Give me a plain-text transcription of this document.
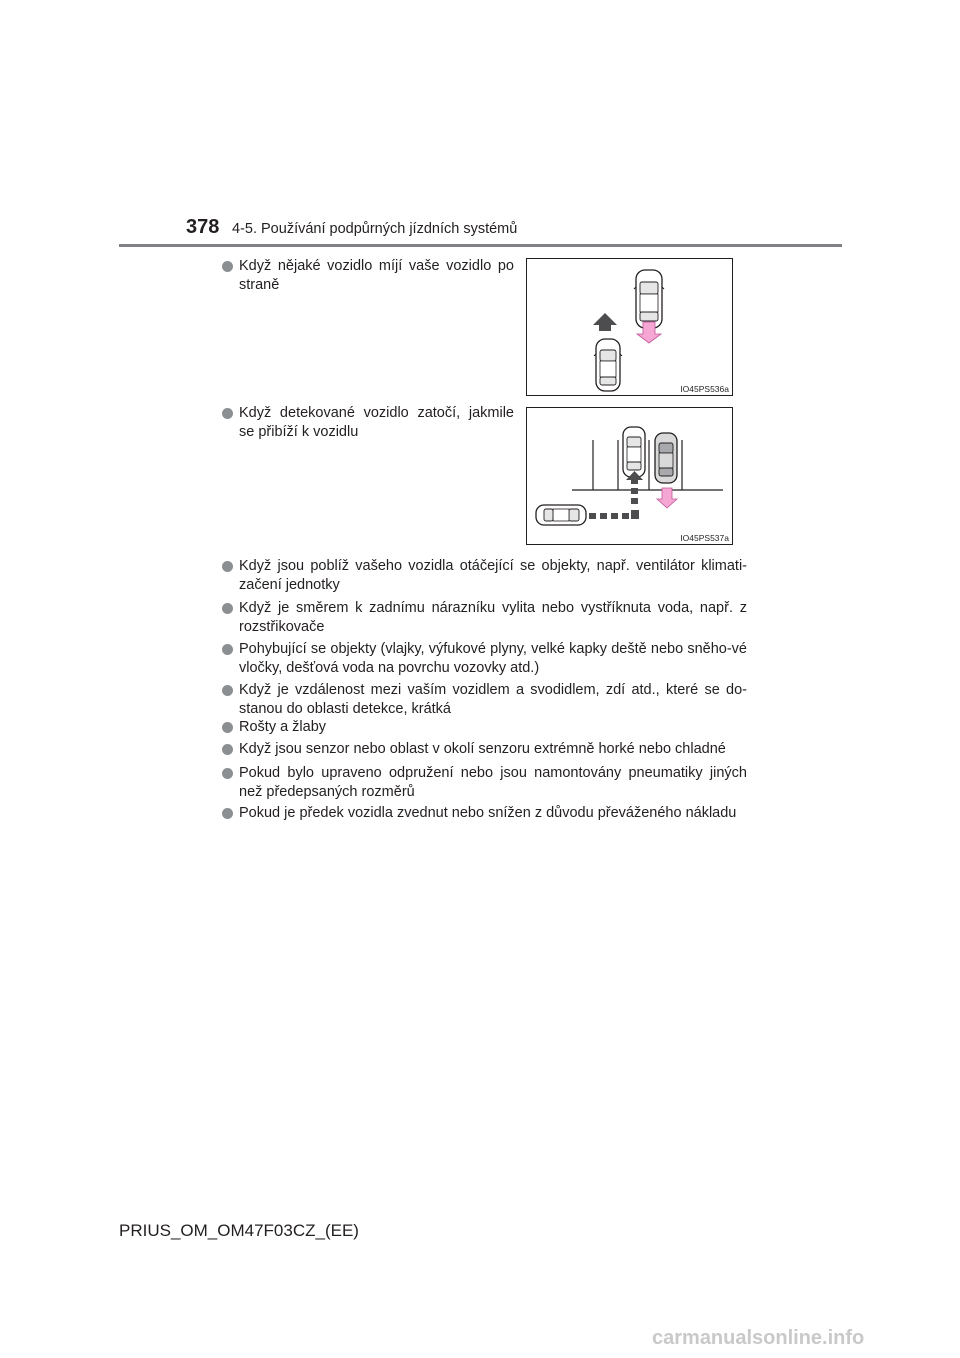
378 4-5. Používání podpůrných jízdních systémů
Když nějaké vozidlo míjí vaše vozidlo po straně
IO45PS536a
Když detekované vozidlo zatočí, jakmile se přibíží k vozidlu
IO45PS537a
Když jsou poblíž vašeho vozidla otáčející se objekty, např. ventilátor klimati-začení jednotky
Když je směrem k zadnímu nárazníku vylita nebo vystříknuta voda, např. z rozstřikovače
Pohybující se objekty (vlajky, výfukové plyny, velké kapky deště nebo sněho-vé vločky, dešťová voda na povrchu vozovky atd.)
Když je vzdálenost mezi vaším vozidlem a svodidlem, zdí atd., které se do-stanou do oblasti detekce, krátká
Rošty a žlaby
Když jsou senzor nebo oblast v okolí senzoru extrémně horké nebo chladné
Pokud bylo upraveno odpružení nebo jsou namontovány pneumatiky jiných než předepsaných rozměrů
Pokud je předek vozidla zvednut nebo snížen z důvodu převáženého nákladu
PRIUS_OM_OM47F03CZ_(EE)
carmanualsonline.info
